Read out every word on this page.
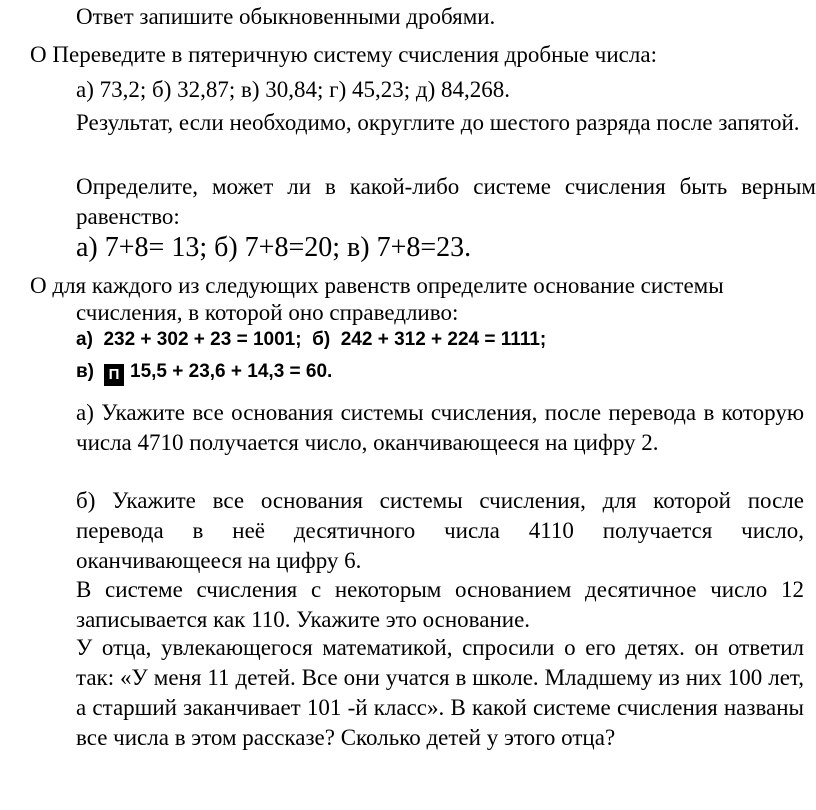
Ответ запишите обыкновенными дробями.

О Переведите в пятеричную систему счисления дробные числа:

а) 73,2; б) 32,87; в) 30,84; г) 45,23; д) 84,268.

Результат, если необходимо, округлите до шестого разряда после запятой.

Определите, может ли в какой-либо системе счисления быть верным равенство:

а) 7+8= 13; б) 7+8=20; в) 7+8=23.

О для каждого из следующих равенств определите основание системы

счисления, в которой оно справедливо:

а)  232 + 302 + 23 = 1001;  б)  242 + 312 + 224 = 1111;

в) П 15,5 + 23,6 + 14,3 = 60.

а) Укажите все основания системы счисления, после перевода в которую числа 4710 получается число, оканчивающееся на цифру 2.

б) Укажите все основания системы счисления, для которой после перевода в неё десятичного числа 4110 получается число, оканчивающееся на цифру 6.

В системе счисления с некоторым основанием десятичное число 12 записывается как 110. Укажите это основание.

У отца, увлекающегося математикой, спросили о его детях. он ответил так: «У меня 11 детей. Все они учатся в школе. Младшему из них 100 лет, а старший заканчивает 101 -й класс». В какой системе счисления названы все числа в этом рассказе? Сколько детей у этого отца?
